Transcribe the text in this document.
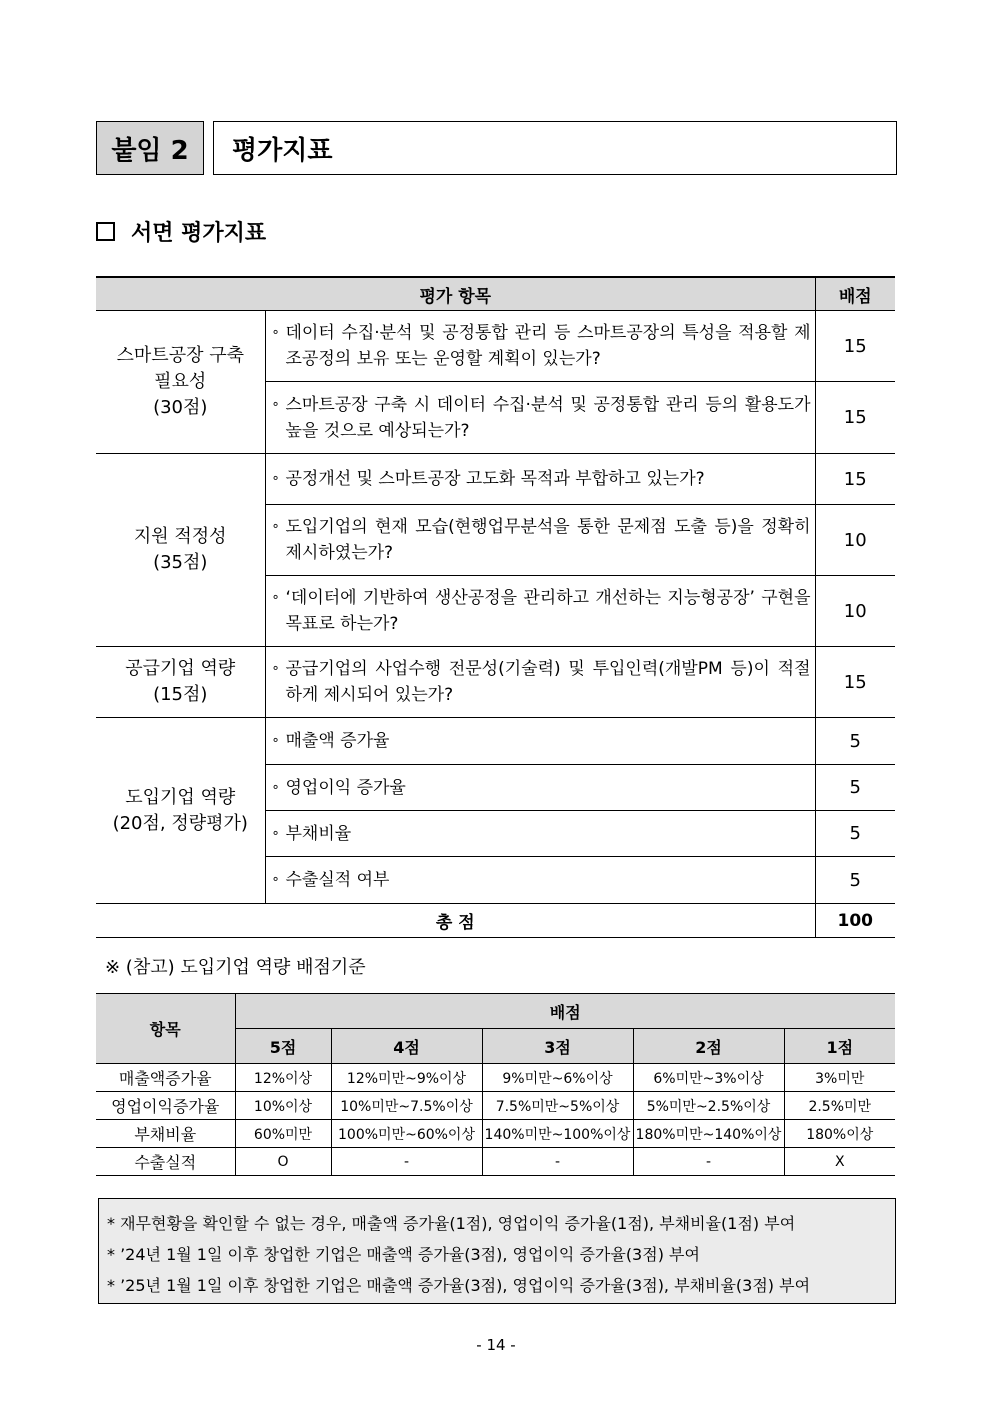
붙임 2	평가지표
서면 평가지표
평가 항목		배점

스마트공장 구축
필요성
(30점)	∘ 데이터 수집·분석 및 공정통합 관리 등 스마트공장의 특성을 적용할 제조공정의 보유 또는 운영할 계획이 있는가?	15
	∘ 스마트공장 구축 시 데이터 수집·분석 및 공정통합 관리 등의 활용도가 높을 것으로 예상되는가?	15

지원 적정성
(35점)	∘ 공정개선 및 스마트공장 고도화 목적과 부합하고 있는가?	15
	∘ 도입기업의 현재 모습(현행업무분석을 통한 문제점 도출 등)을 정확히 제시하였는가?	10
	∘ ‘데이터에 기반하여 생산공정을 관리하고 개선하는 지능형공장’ 구현을 목표로 하는가?	10

공급기업 역량
(15점)	∘ 공급기업의 사업수행 전문성(기술력) 및 투입인력(개발PM 등)이 적절하게 제시되어 있는가?	15

도입기업 역량
(20점, 정량평가)	∘ 매출액 증가율	5
	∘ 영업이익 증가율	5
	∘ 부채비율	5
	∘ 수출실적 여부	5
총 점		100
※ (참고) 도입기업 역량 배점기준
항목	배점				
	5점	4점	3점	2점	1점
매출액증가율	12%이상	12%미만~9%이상	9%미만~6%이상	6%미만~3%이상	3%미만
영업이익증가율	10%이상	10%미만~7.5%이상	7.5%미만~5%이상	5%미만~2.5%이상	2.5%미만
부채비율	60%미만	100%미만~60%이상	140%미만~100%이상	180%미만~140%이상	180%이상
수출실적	O	-	-	-	X
* 재무현황을 확인할 수 없는 경우, 매출액 증가율(1점), 영업이익 증가율(1점), 부채비율(1점) 부여
* ’24년 1월 1일 이후 창업한 기업은 매출액 증가율(3점), 영업이익 증가율(3점) 부여
* ’25년 1월 1일 이후 창업한 기업은 매출액 증가율(3점), 영업이익 증가율(3점), 부채비율(3점) 부여
- 14 -
